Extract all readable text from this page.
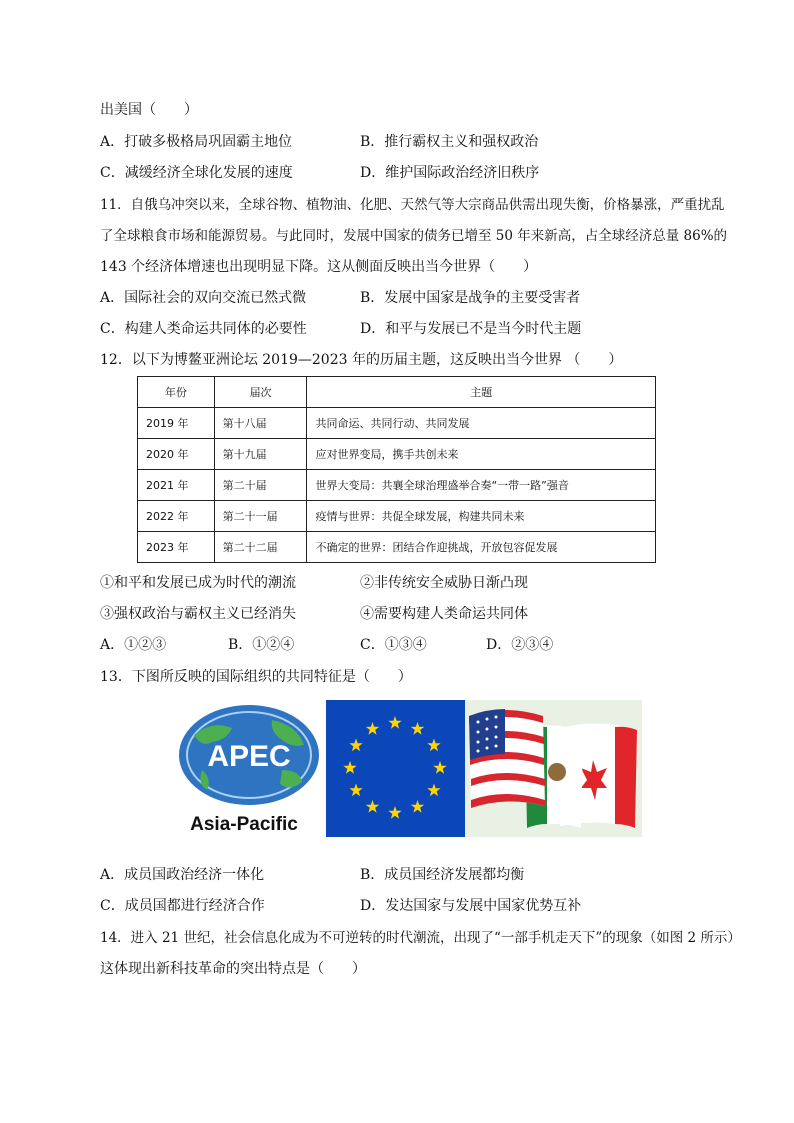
出美国（　　）
A．打破多极格局巩固霸主地位	B．推行霸权主义和强权政治
C．减缓经济全球化发展的速度	D．维护国际政治经济旧秩序
11．自俄乌冲突以来，全球谷物、植物油、化肥、天然气等大宗商品供需出现失衡，价格暴涨，严重扰乱
了全球粮食市场和能源贸易。与此同时，发展中国家的债务已增至 50 年来新高，占全球经济总量 86%的
143 个经济体增速也出现明显下降。这从侧面反映出当今世界（　　）
A．国际社会的双向交流已然式微	B．发展中国家是战争的主要受害者
C．构建人类命运共同体的必要性	D．和平与发展已不是当今时代主题
12．以下为博鳌亚洲论坛 2019—2023 年的历届主题，这反映出当今世界 （　　）
年份	届次	主题
2019 年	第十八届	共同命运、共同行动、共同发展
2020 年	第十九届	应对世界变局，携手共创未来
2021 年	第二十届	世界大变局：共襄全球治理盛举合奏“一带一路”强音
2022 年	第二十一届	疫情与世界：共促全球发展，构建共同未来
2023 年	第二十二届	不确定的世界：团结合作迎挑战，开放包容促发展
①和平和发展已成为时代的潮流	②非传统安全威胁日渐凸现
③强权政治与霸权主义已经消失	④需要构建人类命运共同体
A．①②③	B．①②④	C．①③④	D．②③④
13．下图所反映的国际组织的共同特征是（　　）
APEC
Asia-Pacific
A．成员国政治经济一体化	B．成员国经济发展都均衡
C．成员国都进行经济合作	D．发达国家与发展中国家优势互补
14．进入 21 世纪，社会信息化成为不可逆转的时代潮流，出现了“一部手机走天下”的现象（如图 2 所示）
这体现出新科技革命的突出特点是（　　）
